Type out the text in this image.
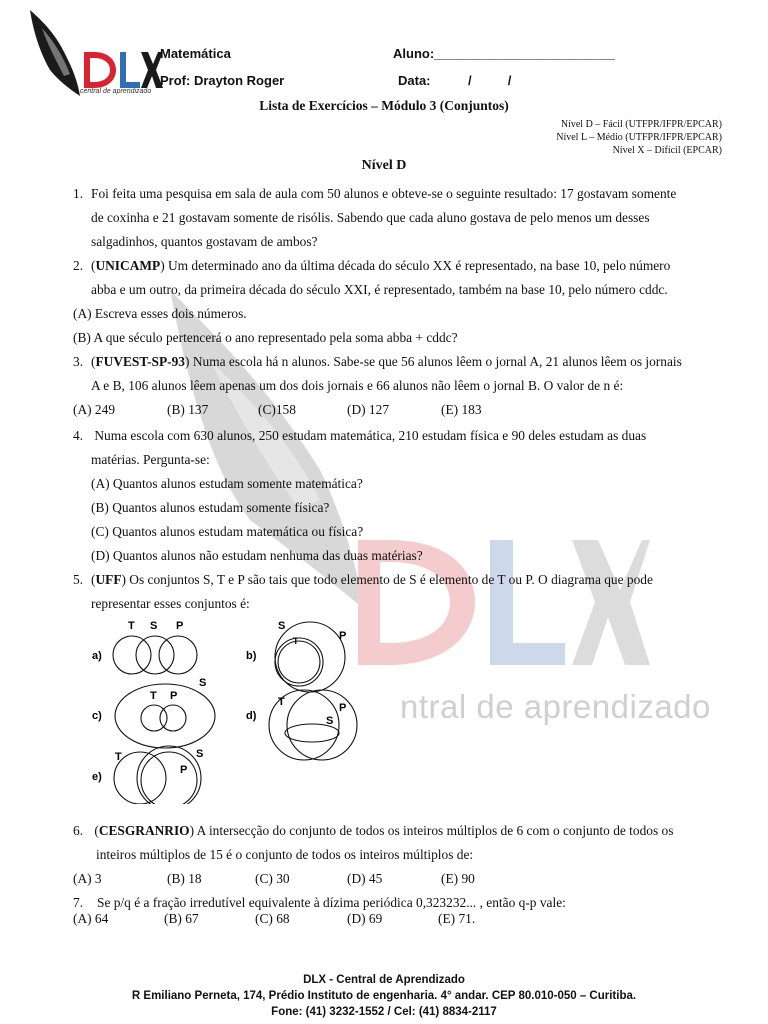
ntral de aprendizado
central de aprendizado
Matemática
Prof: Drayton Roger
Aluno:_________________________
Data:	/          /
Lista de Exercícios – Módulo 3 (Conjuntos)
Nível D – Fácil (UTFPR/IFPR/EPCAR)
Nível L – Médio (UTFPR/IFPR/EPCAR)
Nível X – Difícil (EPCAR)
Nível D
1. Foi feita uma pesquisa em sala de aula com 50 alunos e obteve-se o seguinte resultado: 17 gostavam somente
de coxinha e 21 gostavam somente de risólis. Sabendo que cada aluno gostava de pelo menos um desses
salgadinhos, quantos gostavam de ambos?
2. (UNICAMP) Um determinado ano da última década do século XX é representado, na base 10, pelo número
abba e um outro, da primeira década do século XXI, é representado, também na base 10, pelo número cddc.
(A) Escreva esses dois números.
(B) A que século pertencerá o ano representado pela soma abba + cddc?
3. (FUVEST-SP-93) Numa escola há n alunos. Sabe-se que 56 alunos lêem o jornal A, 21 alunos lêem os jornais
A e B, 106 alunos lêem apenas um dos dois jornais e 66 alunos não lêem o jornal B. O valor de n é:
(A) 249	(B) 137	(C)158	(D) 127	(E) 183
4. Numa escola com 630 alunos, 250 estudam matemática, 210 estudam física e 90 deles estudam as duas
matérias. Pergunta-se:
(A) Quantos alunos estudam somente matemática?
(B) Quantos alunos estudam somente física?
(C) Quantos alunos estudam matemática ou física?
(D) Quantos alunos não estudam nenhuma das duas matérias?
5. (UFF) Os conjuntos S, T e P são tais que todo elemento de S é elemento de T ou P. O diagrama que pode
representar esses conjuntos é:
a)
T S P
b)
S
T	P
c)
T P
S
d)
T
S
P
e)
T	S
P
6. (CESGRANRIO) A intersecção do conjunto de todos os inteiros múltiplos de 6 com o conjunto de todos os
inteiros múltiplos de 15 é o conjunto de todos os inteiros múltiplos de:
(A) 3	(B) 18	(C) 30	(D) 45	(E) 90
7. Se p/q é a fração irredutível equivalente à dízima periódica 0,323232... , então q-p vale:
(A) 64	(B) 67	(C) 68	(D) 69	(E) 71.
DLX - Central de Aprendizado
R Emiliano Perneta, 174, Prédio Instituto de engenharia. 4° andar. CEP 80.010-050 – Curitiba.
Fone: (41) 3232-1552 / Cel: (41) 8834-2117
